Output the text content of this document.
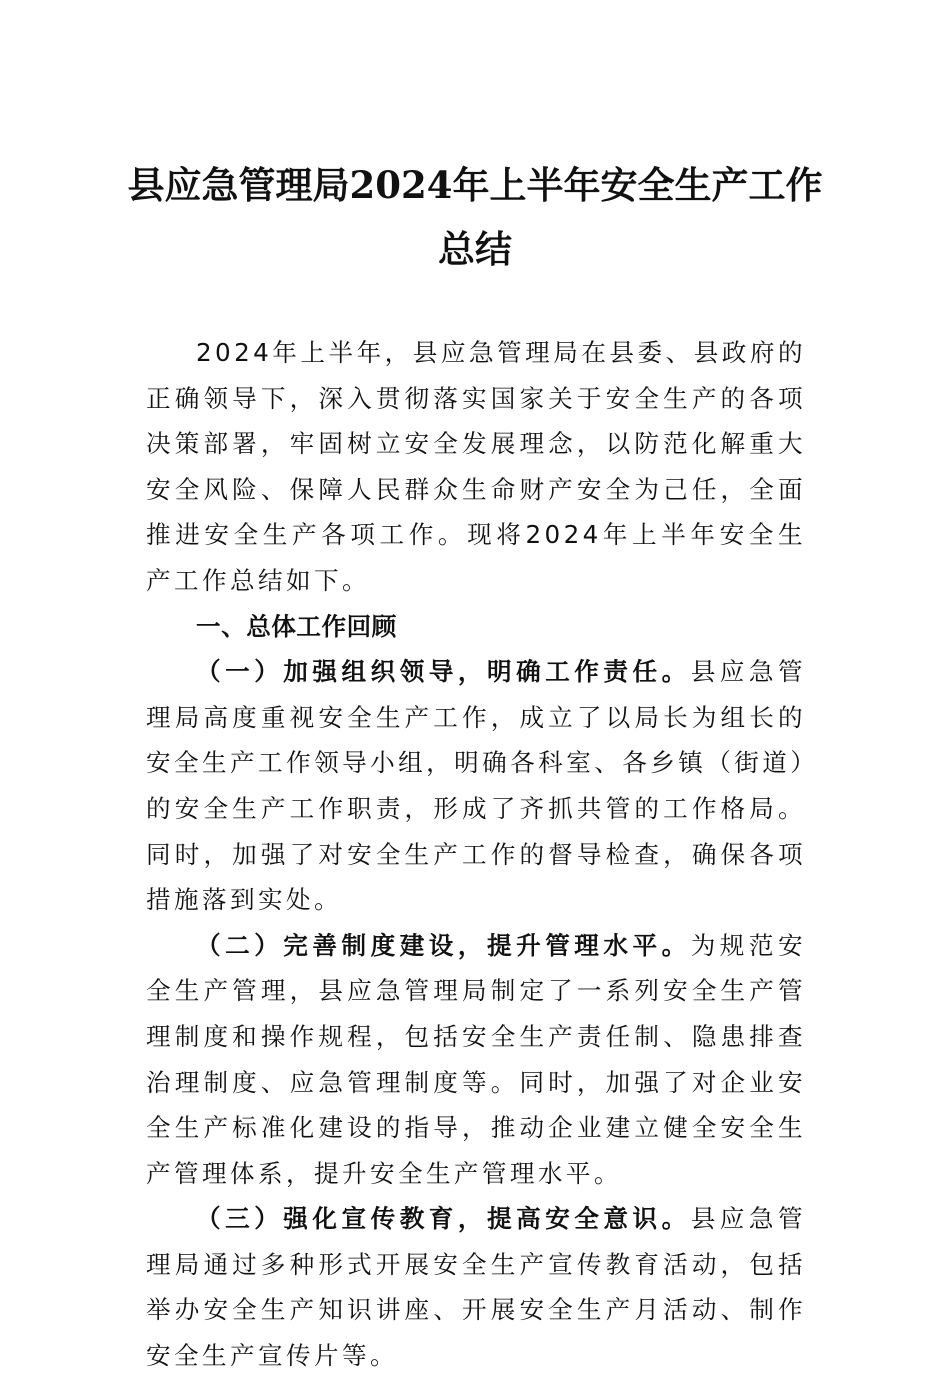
县应急管理局2024年上半年安全生产工作
总结

2024年上半年，县应急管理局在县委、县政府的正确领导下，深入贯彻落实国家关于安全生产的各项决策部署，牢固树立安全发展理念，以防范化解重大安全风险、保障人民群众生命财产安全为己任，全面推进安全生产各项工作。现将2024年上半年安全生产工作总结如下。

一、总体工作回顾

（一）加强组织领导，明确工作责任。县应急管理局高度重视安全生产工作，成立了以局长为组长的安全生产工作领导小组，明确各科室、各乡镇（街道）的安全生产工作职责，形成了齐抓共管的工作格局。同时，加强了对安全生产工作的督导检查，确保各项措施落到实处。

（二）完善制度建设，提升管理水平。为规范安全生产管理，县应急管理局制定了一系列安全生产管理制度和操作规程，包括安全生产责任制、隐患排查治理制度、应急管理制度等。同时，加强了对企业安全生产标准化建设的指导，推动企业建立健全安全生产管理体系，提升安全生产管理水平。

（三）强化宣传教育，提高安全意识。县应急管理局通过多种形式开展安全生产宣传教育活动，包括举办安全生产知识讲座、开展安全生产月活动、制作安全生产宣传片等。
